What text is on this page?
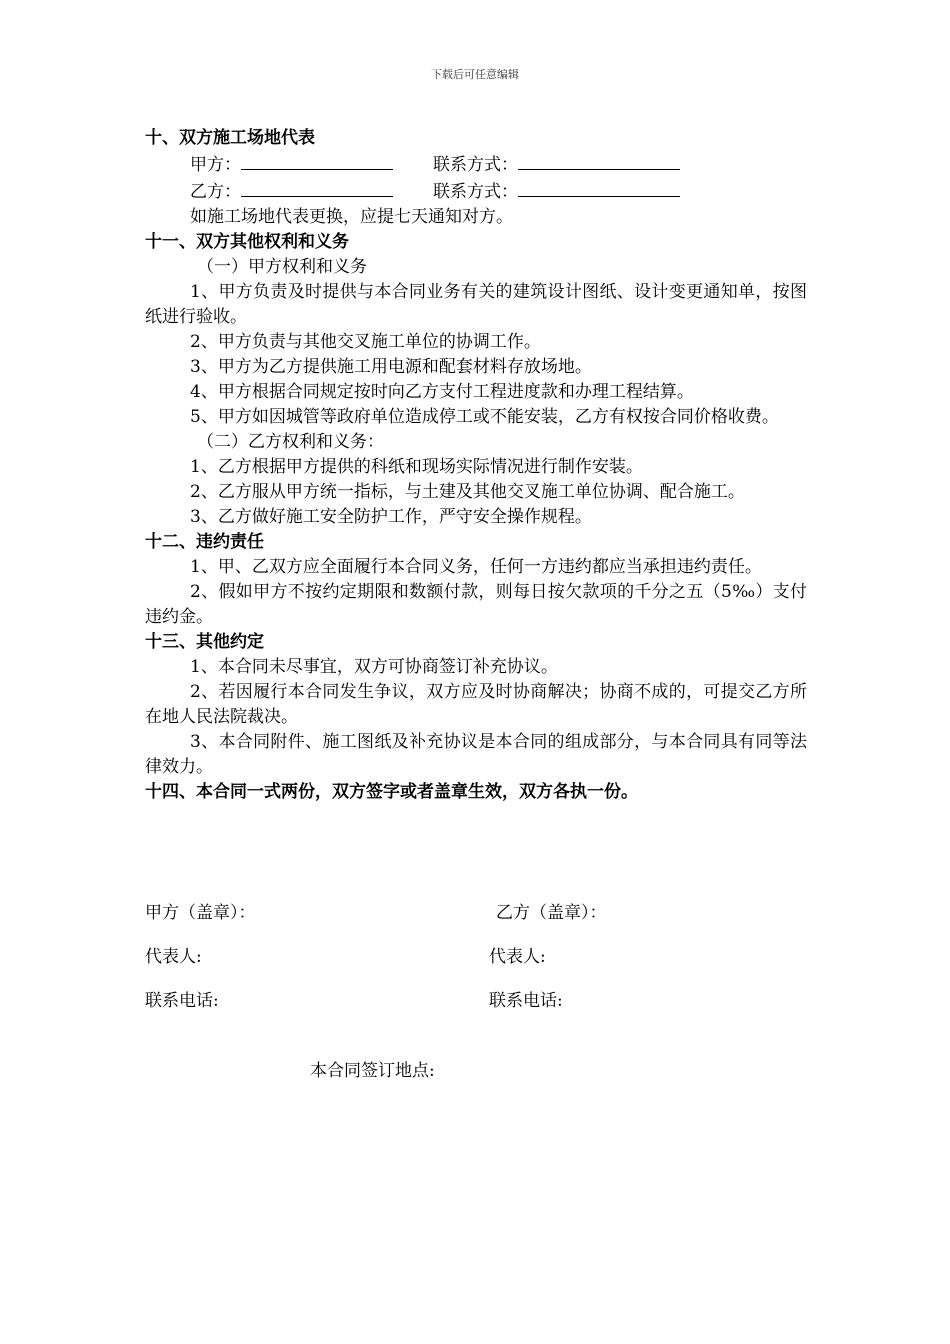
下载后可任意编辑
十、双方施工场地代表
甲方：	联系方式：
乙方：	联系方式：
如施工场地代表更换，应提七天通知对方。
十一、双方其他权利和义务
（一）甲方权利和义务
1、甲方负责及时提供与本合同业务有关的建筑设计图纸、设计变更通知单，按图纸进行验收。
2、甲方负责与其他交叉施工单位的协调工作。
3、甲方为乙方提供施工用电源和配套材料存放场地。
4、甲方根据合同规定按时向乙方支付工程进度款和办理工程结算。
5、甲方如因城管等政府单位造成停工或不能安装，乙方有权按合同价格收费。
（二）乙方权利和义务：
1、乙方根据甲方提供的科纸和现场实际情况进行制作安装。
2、乙方服从甲方统一指标，与土建及其他交叉施工单位协调、配合施工。
3、乙方做好施工安全防护工作，严守安全操作规程。
十二、违约责任
1、甲、乙双方应全面履行本合同义务，任何一方违约都应当承担违约责任。
2、假如甲方不按约定期限和数额付款，则每日按欠款项的千分之五（5‰）支付违约金。
十三、其他约定
1、本合同未尽事宜，双方可协商签订补充协议。
2、若因履行本合同发生争议，双方应及时协商解决；协商不成的，可提交乙方所在地人民法院裁决。
3、本合同附件、施工图纸及补充协议是本合同的组成部分，与本合同具有同等法律效力。
十四、本合同一式两份，双方签字或者盖章生效，双方各执一份。
甲方（盖章）：	乙方（盖章）：
代表人:	代表人:
联系电话:	联系电话:
本合同签订地点:
